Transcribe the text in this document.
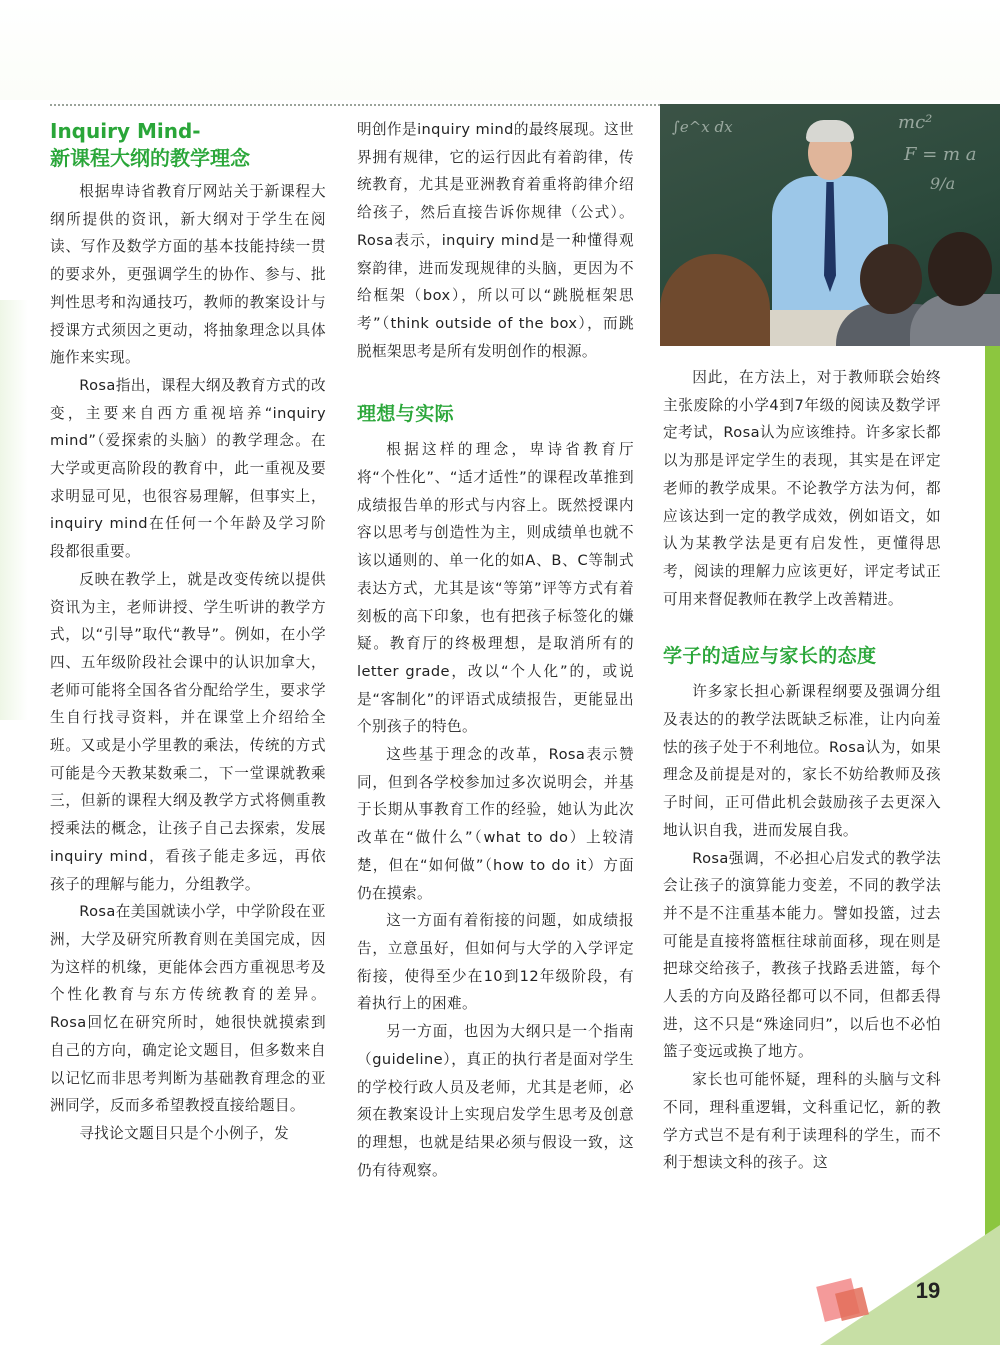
Inquiry Mind-
新课程大纲的教学理念

根据卑诗省教育厅网站关于新课程大纲所提供的资讯，新大纲对于学生在阅读、写作及数学方面的基本技能持续一贯的要求外，更强调学生的协作、参与、批判性思考和沟通技巧，教师的教案设计与授课方式须因之更动，将抽象理念以具体施作来实现。

Rosa指出，课程大纲及教育方式的改变，主要来自西方重视培养“inquiry mind”（爱探索的头脑）的教学理念。在大学或更高阶段的教育中，此一重视及要求明显可见，也很容易理解，但事实上，inquiry mind在任何一个年龄及学习阶段都很重要。

反映在教学上，就是改变传统以提供资讯为主，老师讲授、学生听讲的教学方式，以“引导”取代“教导”。例如，在小学四、五年级阶段社会课中的认识加拿大，老师可能将全国各省分配给学生，要求学生自行找寻资料，并在课堂上介绍给全班。又或是小学里教的乘法，传统的方式可能是今天教某数乘二，下一堂课就教乘三，但新的课程大纲及教学方式将侧重教授乘法的概念，让孩子自己去探索，发展inquiry mind，看孩子能走多远，再依孩子的理解与能力，分组教学。

Rosa在美国就读小学，中学阶段在亚洲，大学及研究所教育则在美国完成，因为这样的机缘，更能体会西方重视思考及个性化教育与东方传统教育的差异。Rosa回忆在研究所时，她很快就摸索到自己的方向，确定论文题目，但多数来自以记忆而非思考判断为基础教育理念的亚洲同学，反而多希望教授直接给题目。

寻找论文题目只是个小例子，发

明创作是inquiry mind的最终展现。这世界拥有规律，它的运行因此有着韵律，传统教育，尤其是亚洲教育着重将韵律介绍给孩子，然后直接告诉你规律（公式）。Rosa表示，inquiry mind是一种懂得观察韵律，进而发现规律的头脑，更因为不给框架（box），所以可以“跳脱框架思考”（think outside of the box），而跳脱框架思考是所有发明创作的根源。

理想与实际

根据这样的理念，卑诗省教育厅将“个性化”、“适才适性”的课程改革推到成绩报告单的形式与内容上。既然授课内容以思考与创造性为主，则成绩单也就不该以通则的、单一化的如A、B、C等制式表达方式，尤其是该“等第”评等方式有着刻板的高下印象，也有把孩子标签化的嫌疑。教育厅的终极理想，是取消所有的letter grade，改以“个人化”的，或说是“客制化”的评语式成绩报告，更能显出个别孩子的特色。

这些基于理念的改革，Rosa表示赞同，但到各学校参加过多次说明会，并基于长期从事教育工作的经验，她认为此次改革在“做什么”（what to do）上较清楚，但在“如何做”（how to do it）方面仍在摸索。

这一方面有着衔接的问题，如成绩报告，立意虽好，但如何与大学的入学评定衔接，使得至少在10到12年级阶段，有着执行上的困难。

另一方面，也因为大纲只是一个指南（guideline），真正的执行者是面对学生的学校行政人员及老师，尤其是老师，必须在教案设计上实现启发学生思考及创意的理想，也就是结果必须与假设一致，这仍有待观察。

∫e^x dx	mc²
F = m a
9/a

因此，在方法上，对于教师联会始终主张废除的小学4到7年级的阅读及数学评定考试，Rosa认为应该维持。许多家长都以为那是评定学生的表现，其实是在评定老师的教学成果。不论教学方法为何，都应该达到一定的教学成效，例如语文，如认为某教学法是更有启发性，更懂得思考，阅读的理解力应该更好，评定考试正可用来督促教师在教学上改善精进。

学子的适应与家长的态度

许多家长担心新课程纲要及强调分组及表达的的教学法既缺乏标准，让内向羞怯的孩子处于不利地位。Rosa认为，如果理念及前提是对的，家长不妨给教师及孩子时间，正可借此机会鼓励孩子去更深入地认识自我，进而发展自我。

Rosa强调，不必担心启发式的教学法会让孩子的演算能力变差，不同的教学法并不是不注重基本能力。譬如投篮，过去可能是直接将篮框往球前面移，现在则是把球交给孩子，教孩子找路丢进篮，每个人丢的方向及路径都可以不同，但都丢得进，这不只是“殊途同归”，以后也不必怕篮子变远或换了地方。

家长也可能怀疑，理科的头脑与文科不同，理科重逻辑，文科重记忆，新的教学方式岂不是有利于读理科的学生，而不利于想读文科的孩子。这

19
